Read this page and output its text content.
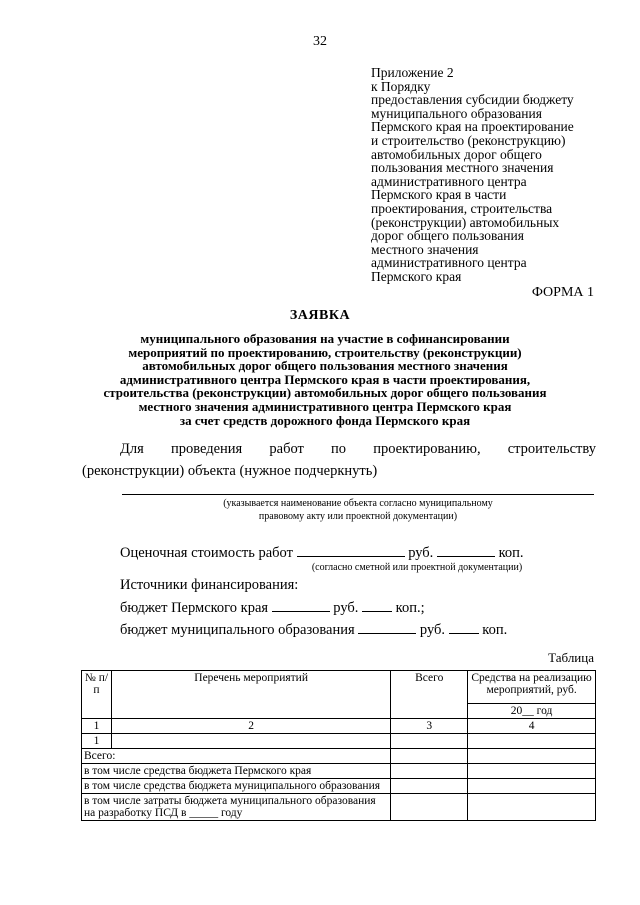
32
Приложение 2
к Порядку
предоставления субсидии бюджету
муниципального образования
Пермского края на проектирование
и строительство (реконструкцию)
автомобильных дорог общего
пользования местного значения
административного центра
Пермского края в части
проектирования, строительства
(реконструкции) автомобильных
дорог общего пользования
местного значения
административного центра
Пермского края
ФОРМА 1
ЗАЯВКА
муниципального образования на участие в софинансировании
мероприятий по проектированию, строительству (реконструкции)
автомобильных дорог общего пользования местного значения
административного центра Пермского края в части проектирования,
строительства (реконструкции) автомобильных дорог общего пользования
местного значения административного центра Пермского края
за счет средств дорожного фонда Пермского края
Для проведения работ по проектированию, строительству
(реконструкции) объекта (нужное подчеркнуть)
(указывается наименование объекта согласно муниципальному
правовому акту или проектной документации)
Оценочная стоимость работ	руб.	коп.
(согласно сметной или проектной документации)
Источники финансирования:
бюджет Пермского края	руб.	коп.;
бюджет муниципального образования	руб.	коп.
Таблица
№ п/п	Перечень мероприятий	Всего	Средства на реализацию мероприятий, руб.
			20__ год
1	2	3	4
1			
Всего:			
в том числе средства бюджета Пермского края			
в том числе средства бюджета муниципального образования			
в том числе затраты бюджета муниципального образования на разработку ПСД в _____ году			
